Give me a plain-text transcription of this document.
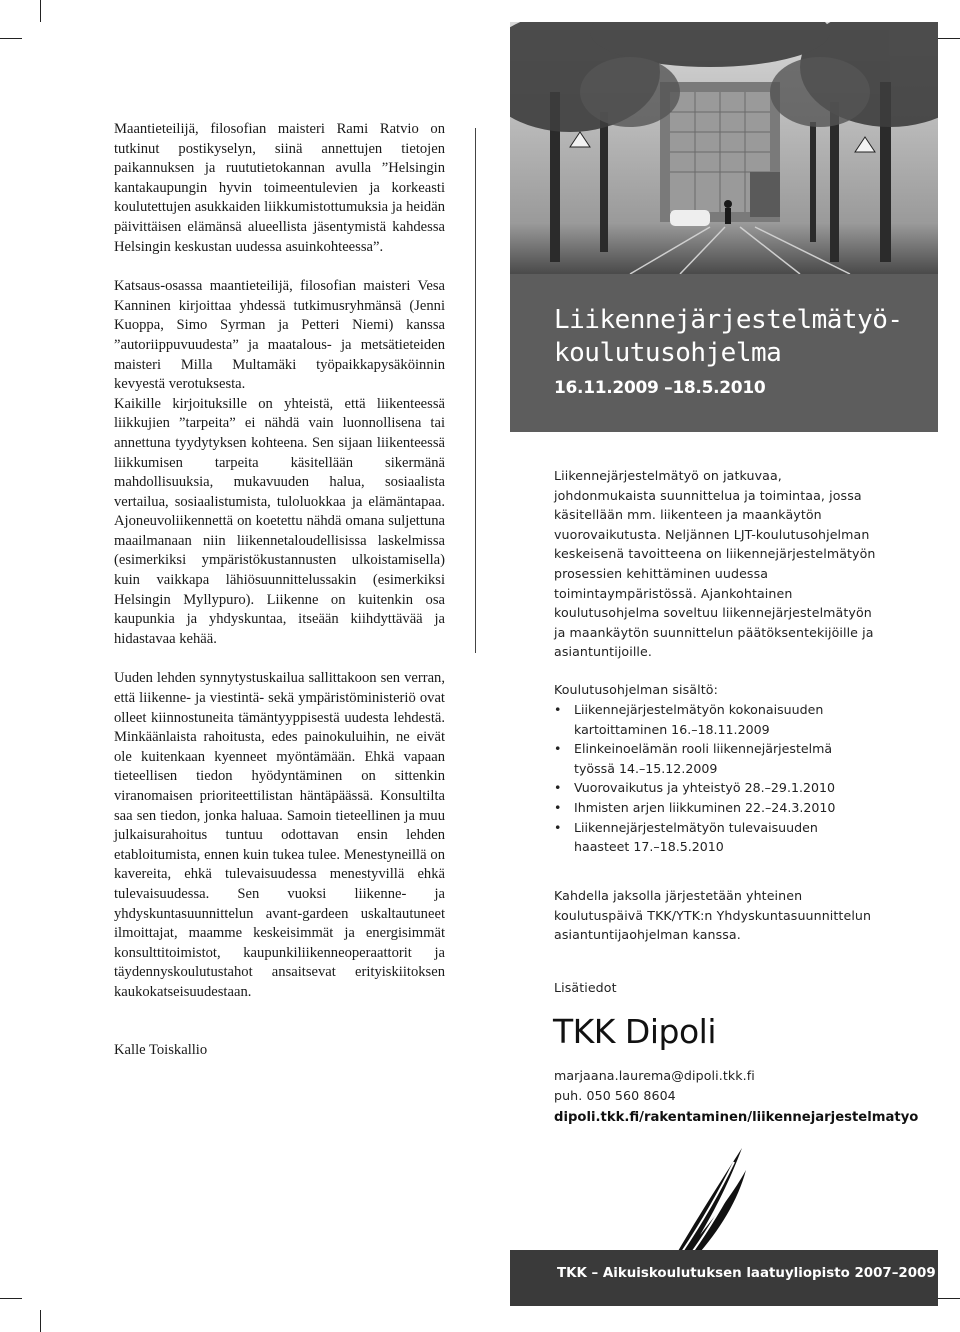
Maantieteilijä, filosofian maisteri Rami Ratvio on tutkinut postikyselyn, siinä annettujen tietojen paikannuksen ja ruututietokannan avulla ”Helsingin kantakaupungin hyvin toimeentulevien ja korkeasti koulutettujen asukkaiden liikkumistottumuksia ja heidän päivittäisen elämänsä alueellista jäsentymistä kahdessa Helsingin keskustan uudessa asuinkohteessa”.

Katsaus-osassa maantieteilijä, filosofian maisteri Vesa Kanninen kirjoittaa yhdessä tutkimusryhmänsä (Jenni Kuoppa, Simo Syrman ja Petteri Niemi) kanssa ”autoriippuvuudesta” ja maatalous- ja metsätieteiden maisteri Milla Multamäki työpaikkapysäköinnin kevyestä verotuksesta.

Kaikille kirjoituksille on yhteistä, että liikenteessä liikkujien ”tarpeita” ei nähdä vain luonnollisena tai annettuna tyydytyksen kohteena. Sen sijaan liikenteessä liikkumisen tarpeita käsitellään sikermänä mahdollisuuksia, mukavuuden halua, sosiaalista vertailua, sosiaalistumista, tuloluokkaa ja elämäntapaa. Ajoneuvoliikennettä on koetettu nähdä omana suljettuna maailmanaan niin liikennetaloudellisissa laskelmissa (esimerkiksi ympäristökustannusten ulkoistamisella) kuin vaikkapa lähiösuunnittelussakin (esimerkiksi Helsingin Myllypuro). Liikenne on kuitenkin osa kaupunkia ja yhdyskuntaa, itseään kiihdyttävää ja hidastavaa kehää.

Uuden lehden synnytystuskailua sallittakoon sen verran, että liikenne- ja viestintä- sekä ympäristöministeriö ovat olleet kiinnostuneita tämäntyyppisestä uudesta lehdestä. Minkäänlaista rahoitusta, edes painokuluihin, ne eivät ole kuitenkaan kyenneet myöntämään. Ehkä vapaan tieteellisen tiedon hyödyntäminen on sittenkin viranomaisen prioriteettilistan häntäpäässä. Konsultilta saa sen tiedon, jonka haluaa. Samoin tieteellinen ja muu julkaisurahoitus tuntuu odottavan ensin lehden etabloitumista, ennen kuin tukea tulee. Menestyneillä on kavereita, ehkä tulevaisuudessa menestyvillä ehkä tulevaisuudessa. Sen vuoksi liikenne- ja yhdyskuntasuunnittelun avant-gardeen uskaltautuneet ilmoittajat, maamme keskeisimmät ja energisimmät konsulttitoimistot, kaupunkiliikenneoperaattorit ja täydennyskoulutustahot ansaitsevat erityiskiitoksen kaukokatseisuudestaan.

Kalle Toiskallio
Liikennejärjestelmätyö-
koulutusohjelma
16.11.2009 –18.5.2010
Liikennejärjestelmätyö on jatkuvaa, johdonmukaista suunnittelua ja toimintaa, jossa käsitellään mm. liikenteen ja maankäytön vuorovaikutusta. Neljännen LJT-koulutusohjelman keskeisenä tavoitteena on liikennejärjestelmätyön prosessien kehittäminen uudessa toimintaympäristössä. Ajankohtainen koulutusohjelma soveltuu liikennejärjestelmätyön ja maankäytön suunnittelun päätöksentekijöille ja asiantuntijoille.
Koulutusohjelman sisältö:
• Liikennejärjestelmätyön kokonaisuuden
kartoittaminen 16.–18.11.2009
• Elinkeinoelämän rooli liikennejärjestelmä
työssä 14.–15.12.2009
• Vuorovaikutus ja yhteistyö 28.–29.1.2010
• Ihmisten arjen liikkuminen 22.–24.3.2010
• Liikennejärjestelmätyön tulevaisuuden
haasteet 17.–18.5.2010
Kahdella jaksolla järjestetään yhteinen koulutuspäivä TKK/YTK:n Yhdyskuntasuunnittelun asiantuntijaohjelman kanssa.
Lisätiedot
TKK Dipoli
marjaana.laurema@dipoli.tkk.fi
puh. 050 560 8604
dipoli.tkk.fi/rakentaminen/liikennejarjestelmatyo
TKK – Aikuiskoulutuksen laatuyliopisto 2007–2009
